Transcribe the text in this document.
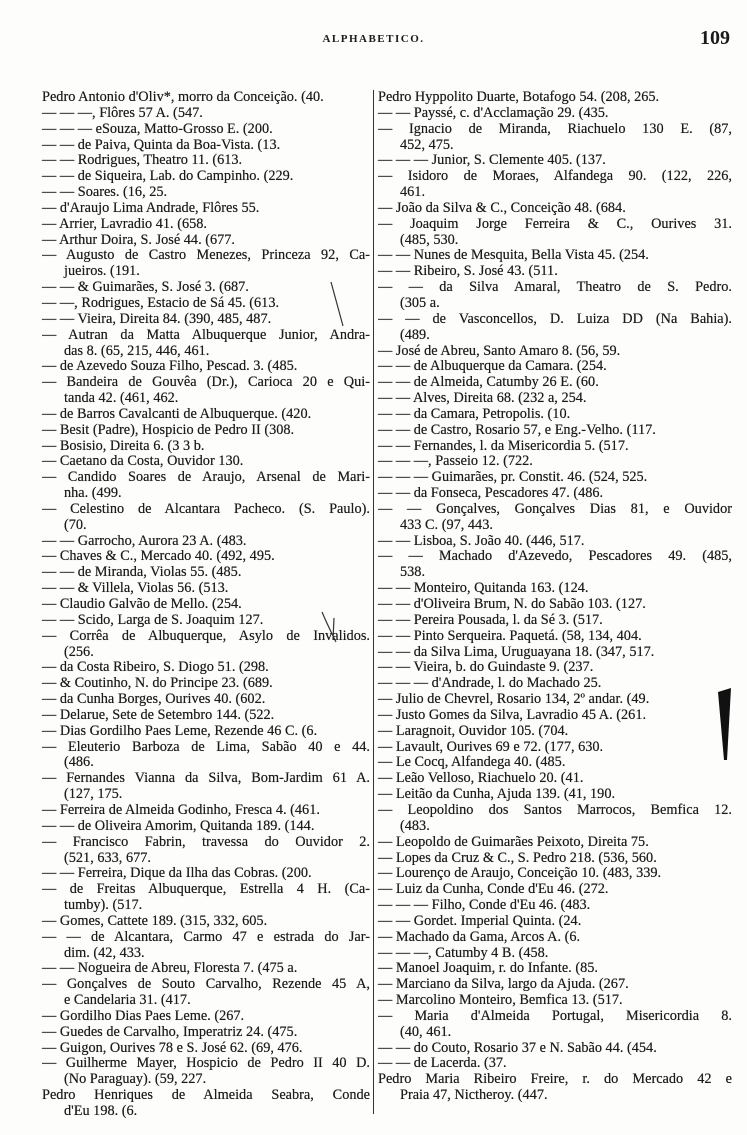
ALPHABETICO.	109
Pedro Antonio d'Oliv*, morro da Conceição. (40.
— — —, Flôres 57 A. (547.
— — — eSouza, Matto-Grosso E. (200.
— — de Paiva, Quinta da Boa-Vista. (13.
— — Rodrigues, Theatro 11. (613.
— — de Siqueira, Lab. do Campinho. (229.
— — Soares. (16, 25.
— d'Araujo Lima Andrade, Flôres 55.
— Arrier, Lavradio 41. (658.
— Arthur Doira, S. José 44. (677.
— Augusto de Castro Menezes, Princeza 92, Ca-
jueiros. (191.
— — & Guimarães, S. José 3. (687.
— —, Rodrigues, Estacio de Sá 45. (613.
— — Vieira, Direita 84. (390, 485, 487.
— Autran da Matta Albuquerque Junior, Andra-
das 8. (65, 215, 446, 461.
— de Azevedo Souza Filho, Pescad. 3. (485.
— Bandeira de Gouvêa (Dr.), Carioca 20 e Qui-
tanda 42. (461, 462.
— de Barros Cavalcanti de Albuquerque. (420.
— Besit (Padre), Hospicio de Pedro II (308.
— Bosisio, Direita 6. (3 3 b.
— Caetano da Costa, Ouvidor 130.
— Candido Soares de Araujo, Arsenal de Mari-
nha. (499.
— Celestino de Alcantara Pacheco. (S. Paulo).
(70.
— — Garrocho, Aurora 23 A. (483.
— Chaves & C., Mercado 40. (492, 495.
— — de Miranda, Violas 55. (485.
— — & Villela, Violas 56. (513.
— Claudio Galvão de Mello. (254.
— — Scido, Larga de S. Joaquim 127.
— Corrêa de Albuquerque, Asylo de Invalidos.
(256.
— da Costa Ribeiro, S. Diogo 51. (298.
— & Coutinho, N. do Principe 23. (689.
— da Cunha Borges, Ourives 40. (602.
— Delarue, Sete de Setembro 144. (522.
— Dias Gordilho Paes Leme, Rezende 46 C. (6.
— Eleuterio Barboza de Lima, Sabão 40 e 44.
(486.
— Fernandes Vianna da Silva, Bom-Jardim 61 A.
(127, 175.
— Ferreira de Almeida Godinho, Fresca 4. (461.
— — de Oliveira Amorim, Quitanda 189. (144.
— Francisco Fabrin, travessa do Ouvidor 2.
(521, 633, 677.
— — Ferreira, Dique da Ilha das Cobras. (200.
— de Freitas Albuquerque, Estrella 4 H. (Ca-
tumby). (517.
— Gomes, Cattete 189. (315, 332, 605.
— — de Alcantara, Carmo 47 e estrada do Jar-
dim. (42, 433.
— — Nogueira de Abreu, Floresta 7. (475 a.
— Gonçalves de Souto Carvalho, Rezende 45 A,
e Candelaria 31. (417.
— Gordilho Dias Paes Leme. (267.
— Guedes de Carvalho, Imperatriz 24. (475.
— Guigon, Ourives 78 e S. José 62. (69, 476.
— Guilherme Mayer, Hospicio de Pedro II 40 D.
(No Paraguay). (59, 227.
Pedro Henriques de Almeida Seabra, Conde
d'Eu 198. (6.
Pedro Hyppolito Duarte, Botafogo 54. (208, 265.
— — Payssé, c. d'Acclamação 29. (435.
— Ignacio de Miranda, Riachuelo 130 E. (87,
452, 475.
— — — Junior, S. Clemente 405. (137.
— Isidoro de Moraes, Alfandega 90. (122, 226,
461.
— João da Silva & C., Conceição 48. (684.
— Joaquim Jorge Ferreira & C., Ourives 31.
(485, 530.
— — Nunes de Mesquita, Bella Vista 45. (254.
— — Ribeiro, S. José 43. (511.
— — da Silva Amaral, Theatro de S. Pedro.
(305 a.
— — de Vasconcellos, D. Luiza DD (Na Bahia).
(489.
— José de Abreu, Santo Amaro 8. (56, 59.
— — de Albuquerque da Camara. (254.
— — de Almeida, Catumby 26 E. (60.
— — Alves, Direita 68. (232 a, 254.
— — da Camara, Petropolis. (10.
— — de Castro, Rosario 57, e Eng.-Velho. (117.
— — Fernandes, l. da Misericordia 5. (517.
— — —, Passeio 12. (722.
— — — Guimarães, pr. Constit. 46. (524, 525.
— — da Fonseca, Pescadores 47. (486.
— — Gonçalves, Gonçalves Dias 81, e Ouvidor
433 C. (97, 443.
— — Lisboa, S. João 40. (446, 517.
— — Machado d'Azevedo, Pescadores 49. (485,
538.
— — Monteiro, Quitanda 163. (124.
— — d'Oliveira Brum, N. do Sabão 103. (127.
— — Pereira Pousada, l. da Sé 3. (517.
— — Pinto Serqueira. Paquetá. (58, 134, 404.
— — da Silva Lima, Uruguayana 18. (347, 517.
— — Vieira, b. do Guindaste 9. (237.
— — — d'Andrade, l. do Machado 25.
— Julio de Chevrel, Rosario 134, 2º andar. (49.
— Justo Gomes da Silva, Lavradio 45 A. (261.
— Laragnoit, Ouvidor 105. (704.
— Lavault, Ourives 69 e 72. (177, 630.
— Le Cocq, Alfandega 40. (485.
— Leão Velloso, Riachuelo 20. (41.
— Leitão da Cunha, Ajuda 139. (41, 190.
— Leopoldino dos Santos Marrocos, Bemfica 12.
(483.
— Leopoldo de Guimarães Peixoto, Direita 75.
— Lopes da Cruz & C., S. Pedro 218. (536, 560.
— Lourenço de Araujo, Conceição 10. (483, 339.
— Luiz da Cunha, Conde d'Eu 46. (272.
— — — Filho, Conde d'Eu 46. (483.
— — Gordet. Imperial Quinta. (24.
— Machado da Gama, Arcos A. (6.
— — —, Catumby 4 B. (458.
— Manoel Joaquim, r. do Infante. (85.
— Marciano da Silva, largo da Ajuda. (267.
— Marcolino Monteiro, Bemfica 13. (517.
— Maria d'Almeida Portugal, Misericordia 8.
(40, 461.
— — do Couto, Rosario 37 e N. Sabão 44. (454.
— — de Lacerda. (37.
Pedro Maria Ribeiro Freire, r. do Mercado 42 e
Praia 47, Nictheroy. (447.
